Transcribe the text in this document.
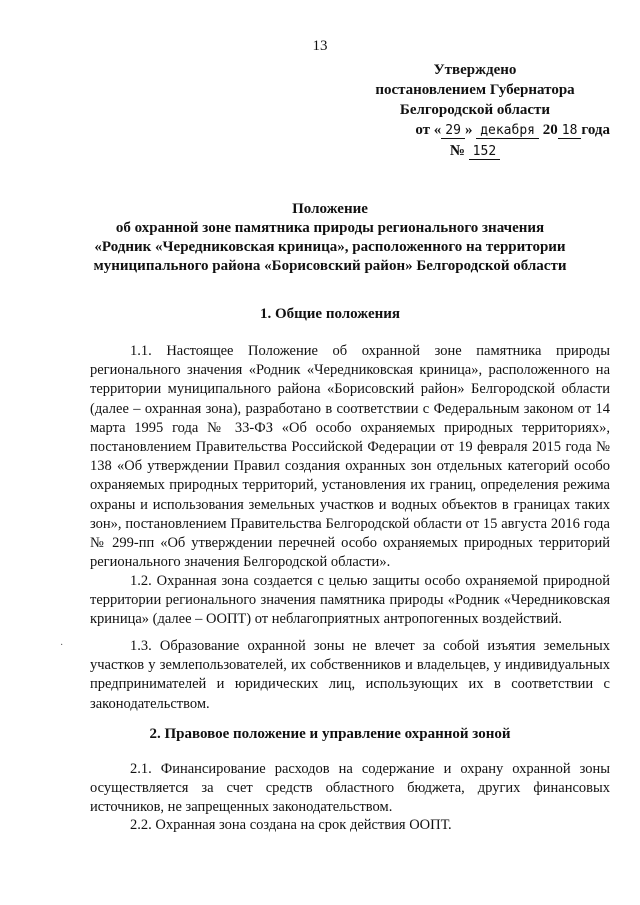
13
Утверждено
постановлением Губернатора
Белгородской области
от « 29 » декабря 20 18 года
№ 152
Положение
об охранной зоне памятника природы регионального значения
«Родник «Чередниковская криница», расположенного на территории
муниципального района «Борисовский район» Белгородской области
1. Общие положения
1.1. Настоящее Положение об охранной зоне памятника природы регионального значения «Родник «Чередниковская криница», расположенного на территории муниципального района «Борисовский район» Белгородской области (далее – охранная зона), разработано в соответствии с Федеральным законом от 14 марта 1995 года № 33-ФЗ «Об особо охраняемых природных территориях», постановлением Правительства Российской Федерации от 19 февраля 2015 года № 138 «Об утверждении Правил создания охранных зон отдельных категорий особо охраняемых природных территорий, установления их границ, определения режима охраны и использования земельных участков и водных объектов в границах таких зон», постановлением Правительства Белгородской области от 15 августа 2016 года № 299-пп «Об утверждении перечней особо охраняемых природных территорий регионального значения Белгородской области».
1.2. Охранная зона создается с целью защиты особо охраняемой природной территории регионального значения памятника природы «Родник «Чередниковская криница» (далее – ООПТ) от неблагоприятных антропогенных воздействий.
1.3. Образование охранной зоны не влечет за собой изъятия земельных участков у землепользователей, их собственников и владельцев, у индивидуальных предпринимателей и юридических лиц, использующих их в соответствии с законодательством.
2. Правовое положение и управление охранной зоной
2.1. Финансирование расходов на содержание и охрану охранной зоны осуществляется за счет средств областного бюджета, других финансовых источников, не запрещенных законодательством.
2.2. Охранная зона создана на срок действия ООПТ.
·
